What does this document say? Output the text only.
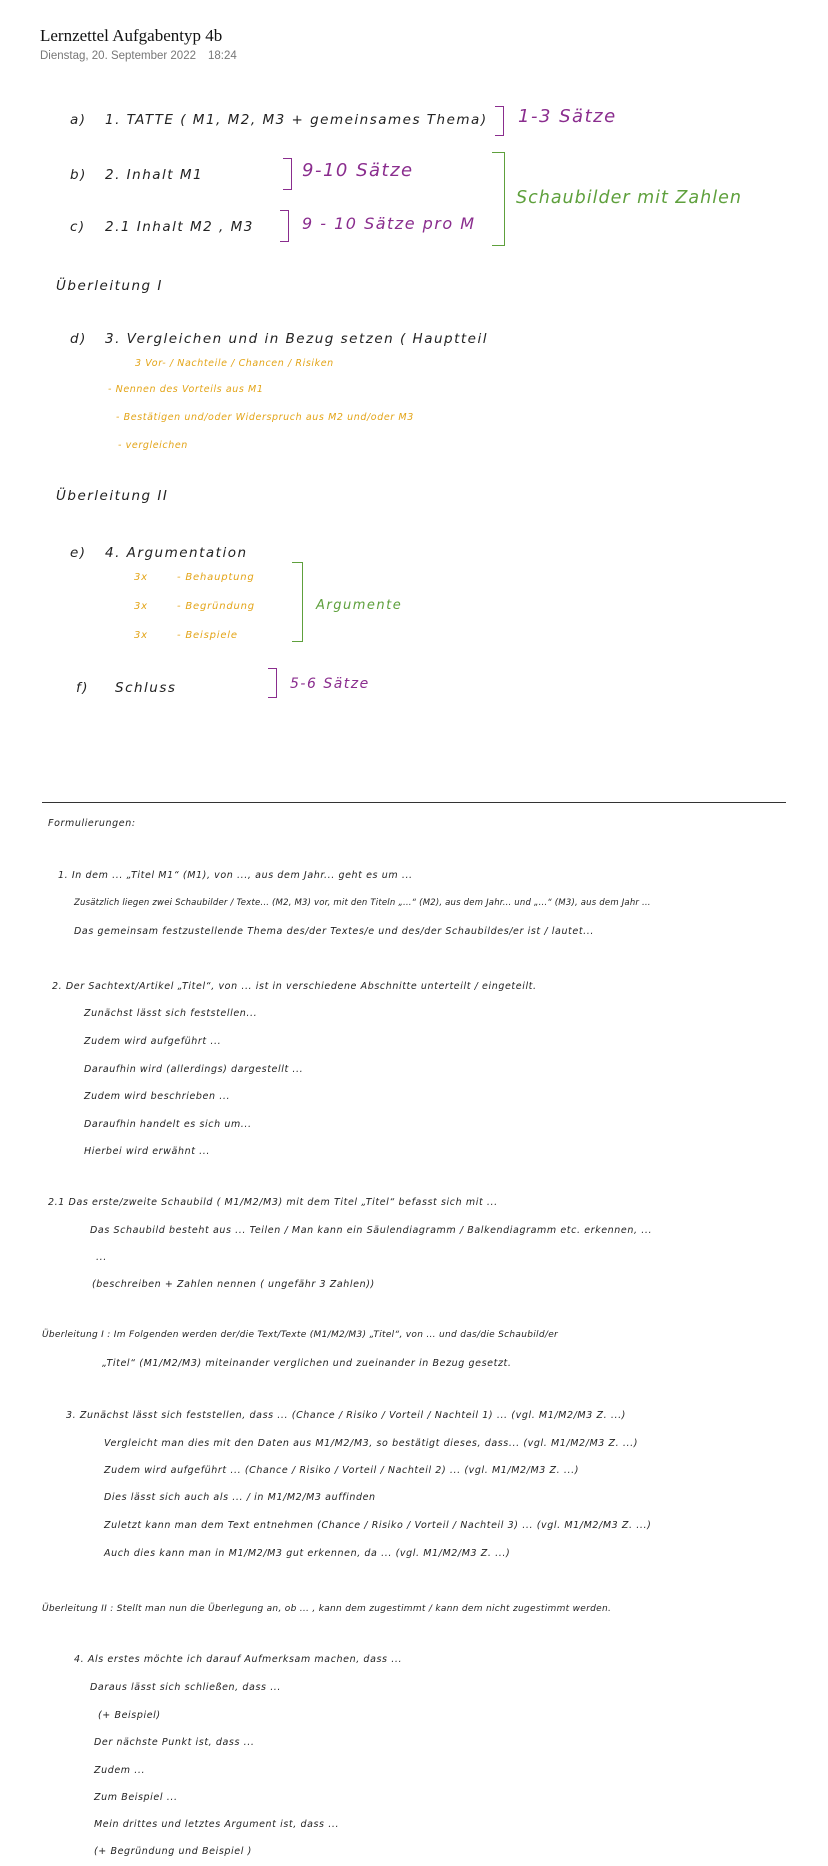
Lernzettel Aufgabentyp 4b
Dienstag, 20. September 2022 18:24
a) 1. TATTE ( M1, M2, M3 + gemeinsames Thema) 1-3 Sätze
b) 2. Inhalt M1	9-10 Sätze
c) 2.1 Inhalt M2 , M3	9 - 10 Sätze pro M
Schaubilder mit Zahlen
Überleitung I
d) 3. Vergleichen und in Bezug setzen ( Hauptteil
3 Vor- / Nachteile / Chancen / Risiken
- Nennen des Vorteils aus M1
- Bestätigen und/oder Widerspruch aus M2 und/oder M3
- vergleichen
Überleitung II
e) 4. Argumentation
3x	- Behauptung
3x	- Begründung
3x	- Beispiele
Argumente
f) Schluss	5-6 Sätze
Formulierungen:
1. In dem ... „Titel M1“ (M1), von ..., aus dem Jahr... geht es um ...
Zusätzlich liegen zwei Schaubilder / Texte... (M2, M3) vor, mit den Titeln „...“ (M2), aus dem Jahr... und „...“ (M3), aus dem Jahr ...
Das gemeinsam festzustellende Thema des/der Textes/e und des/der Schaubildes/er ist / lautet...
2. Der Sachtext/Artikel „Titel“, von ... ist in verschiedene Abschnitte unterteilt / eingeteilt.
Zunächst lässt sich feststellen...
Zudem wird aufgeführt ...
Daraufhin wird (allerdings) dargestellt ...
Zudem wird beschrieben ...
Daraufhin handelt es sich um...
Hierbei wird erwähnt ...
2.1 Das erste/zweite Schaubild ( M1/M2/M3) mit dem Titel „Titel“ befasst sich mit ...
Das Schaubild besteht aus ... Teilen / Man kann ein Säulendiagramm / Balkendiagramm etc. erkennen, ...
...
(beschreiben + Zahlen nennen ( ungefähr 3 Zahlen))
Überleitung I : Im Folgenden werden der/die Text/Texte (M1/M2/M3) „Titel“, von ... und das/die Schaubild/er
„Titel“ (M1/M2/M3) miteinander verglichen und zueinander in Bezug gesetzt.
3. Zunächst lässt sich feststellen, dass ... (Chance / Risiko / Vorteil / Nachteil 1) ... (vgl. M1/M2/M3 Z. ...)
Vergleicht man dies mit den Daten aus M1/M2/M3, so bestätigt dieses, dass... (vgl. M1/M2/M3 Z. ...)
Zudem wird aufgeführt ... (Chance / Risiko / Vorteil / Nachteil 2) ... (vgl. M1/M2/M3 Z. ...)
Dies lässt sich auch als ... / in M1/M2/M3 auffinden
Zuletzt kann man dem Text entnehmen (Chance / Risiko / Vorteil / Nachteil 3) ... (vgl. M1/M2/M3 Z. ...)
Auch dies kann man in M1/M2/M3 gut erkennen, da ... (vgl. M1/M2/M3 Z. ...)
Überleitung II : Stellt man nun die Überlegung an, ob ... , kann dem zugestimmt / kann dem nicht zugestimmt werden.
4. Als erstes möchte ich darauf Aufmerksam machen, dass ...
Daraus lässt sich schließen, dass ...
(+ Beispiel)
Der nächste Punkt ist, dass ...
Zudem ...
Zum Beispiel ...
Mein drittes und letztes Argument ist, dass ...
(+ Begründung und Beispiel )
